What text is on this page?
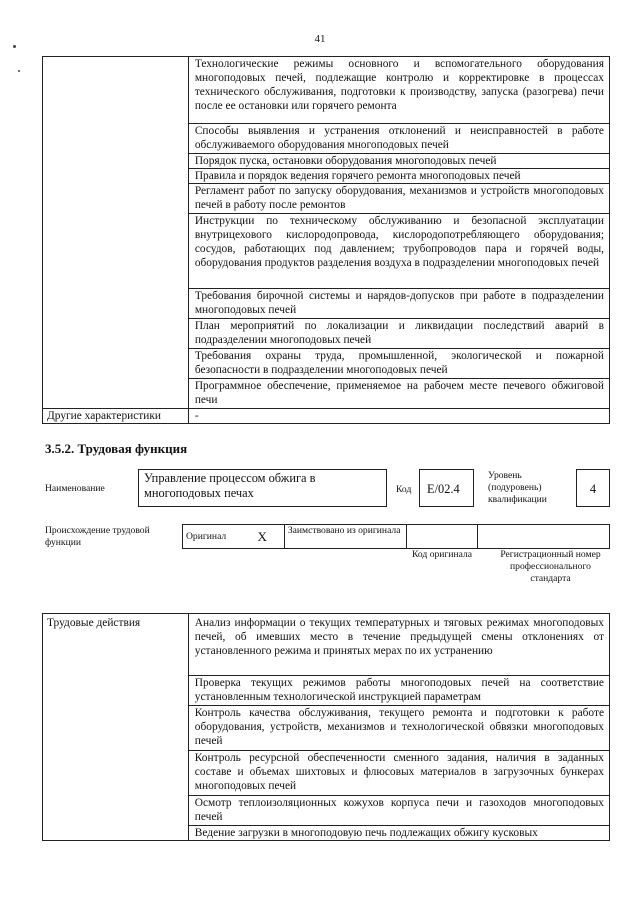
41
	Технологические режимы основного и вспомогательного оборудования многоподовых печей, подлежащие контролю и корректировке в процессах технического обслуживания, подготовки к производству, запуска (разогрева) печи после ее остановки или горячего ремонта
	Способы выявления и устранения отклонений и неисправностей в работе обслуживаемого оборудования многоподовых печей
	Порядок пуска, остановки оборудования многоподовых печей
	Правила и порядок ведения горячего ремонта многоподовых печей
	Регламент работ по запуску оборудования, механизмов и устройств многоподовых печей в работу после ремонтов
	Инструкции по техническому обслуживанию и безопасной эксплуатации внутрицехового кислородопровода, кислородопотребляющего оборудования; сосудов, работающих под давлением; трубопроводов пара и горячей воды, оборудования продуктов разделения воздуха в подразделении многоподовых печей
	Требования бирочной системы и нарядов-допусков при работе в подразделении многоподовых печей
	План мероприятий по локализации и ликвидации последствий аварий в подразделении многоподовых печей
	Требования охраны труда, промышленной, экологической и пожарной безопасности в подразделении многоподовых печей
	Программное обеспечение, применяемое на рабочем месте печевого обжиговой печи
Другие характеристики	-
3.5.2. Трудовая функция
Наименование
Управление процессом обжига в многоподовых печах	Код	E/02.4
Уровень (подуровень) квалификации
4
Происхождение трудовой функции
Оригинал	X	Заимствовано из оригинала		
Код оригинала	Регистрационный номер профессионального стандарта
Трудовые действия	Анализ информации о текущих температурных и тяговых режимах многоподовых печей, об имевших место в течение предыдущей смены отклонениях от установленного режима и принятых мерах по их устранению
Проверка текущих режимов работы многоподовых печей на соответствие установленным технологической инструкцией параметрам
Контроль качества обслуживания, текущего ремонта и подготовки к работе оборудования, устройств, механизмов и технологической обвязки многоподовых печей
Контроль ресурсной обеспеченности сменного задания, наличия в заданных составе и объемах шихтовых и флюсовых материалов в загрузочных бункерах многоподовых печей
Осмотр теплоизоляционных кожухов корпуса печи и газоходов многоподовых печей
Ведение загрузки в многоподовую печь подлежащих обжигу кусковых
